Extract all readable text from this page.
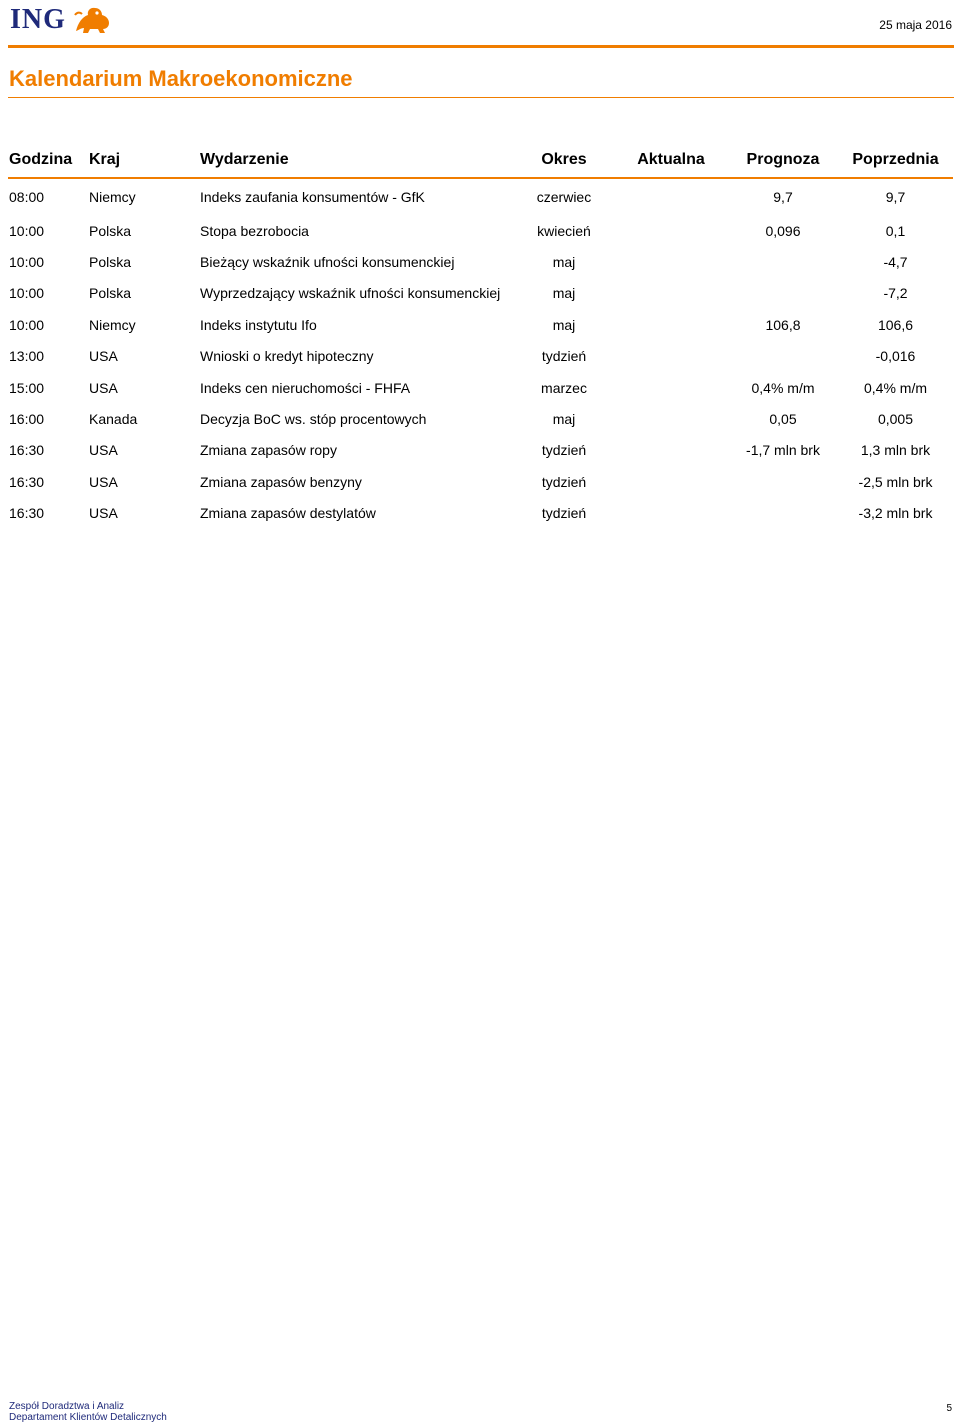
ING	25 maja 2016
Kalendarium Makroekonomiczne
Godzina	Kraj	Wydarzenie	Okres	Aktualna	Prognoza	Poprzednia
08:00	Niemcy	Indeks zaufania konsumentów - GfK	czerwiec		9,7	9,7
10:00	Polska	Stopa bezrobocia	kwiecień		0,096	0,1
10:00	Polska	Bieżący wskaźnik ufności konsumenckiej	maj			-4,7
10:00	Polska	Wyprzedzający wskaźnik ufności konsumenckiej	maj			-7,2
10:00	Niemcy	Indeks instytutu Ifo	maj		106,8	106,6
13:00	USA	Wnioski o kredyt hipoteczny	tydzień			-0,016
15:00	USA	Indeks cen nieruchomości - FHFA	marzec		0,4% m/m	0,4% m/m
16:00	Kanada	Decyzja BoC ws. stóp procentowych	maj		0,05	0,005
16:30	USA	Zmiana zapasów ropy	tydzień		-1,7 mln brk	1,3 mln brk
16:30	USA	Zmiana zapasów benzyny	tydzień			-2,5 mln brk
16:30	USA	Zmiana zapasów destylatów	tydzień			-3,2 mln brk
Zespół Doradztwa i Analiz
Departament Klientów Detalicznych
5
